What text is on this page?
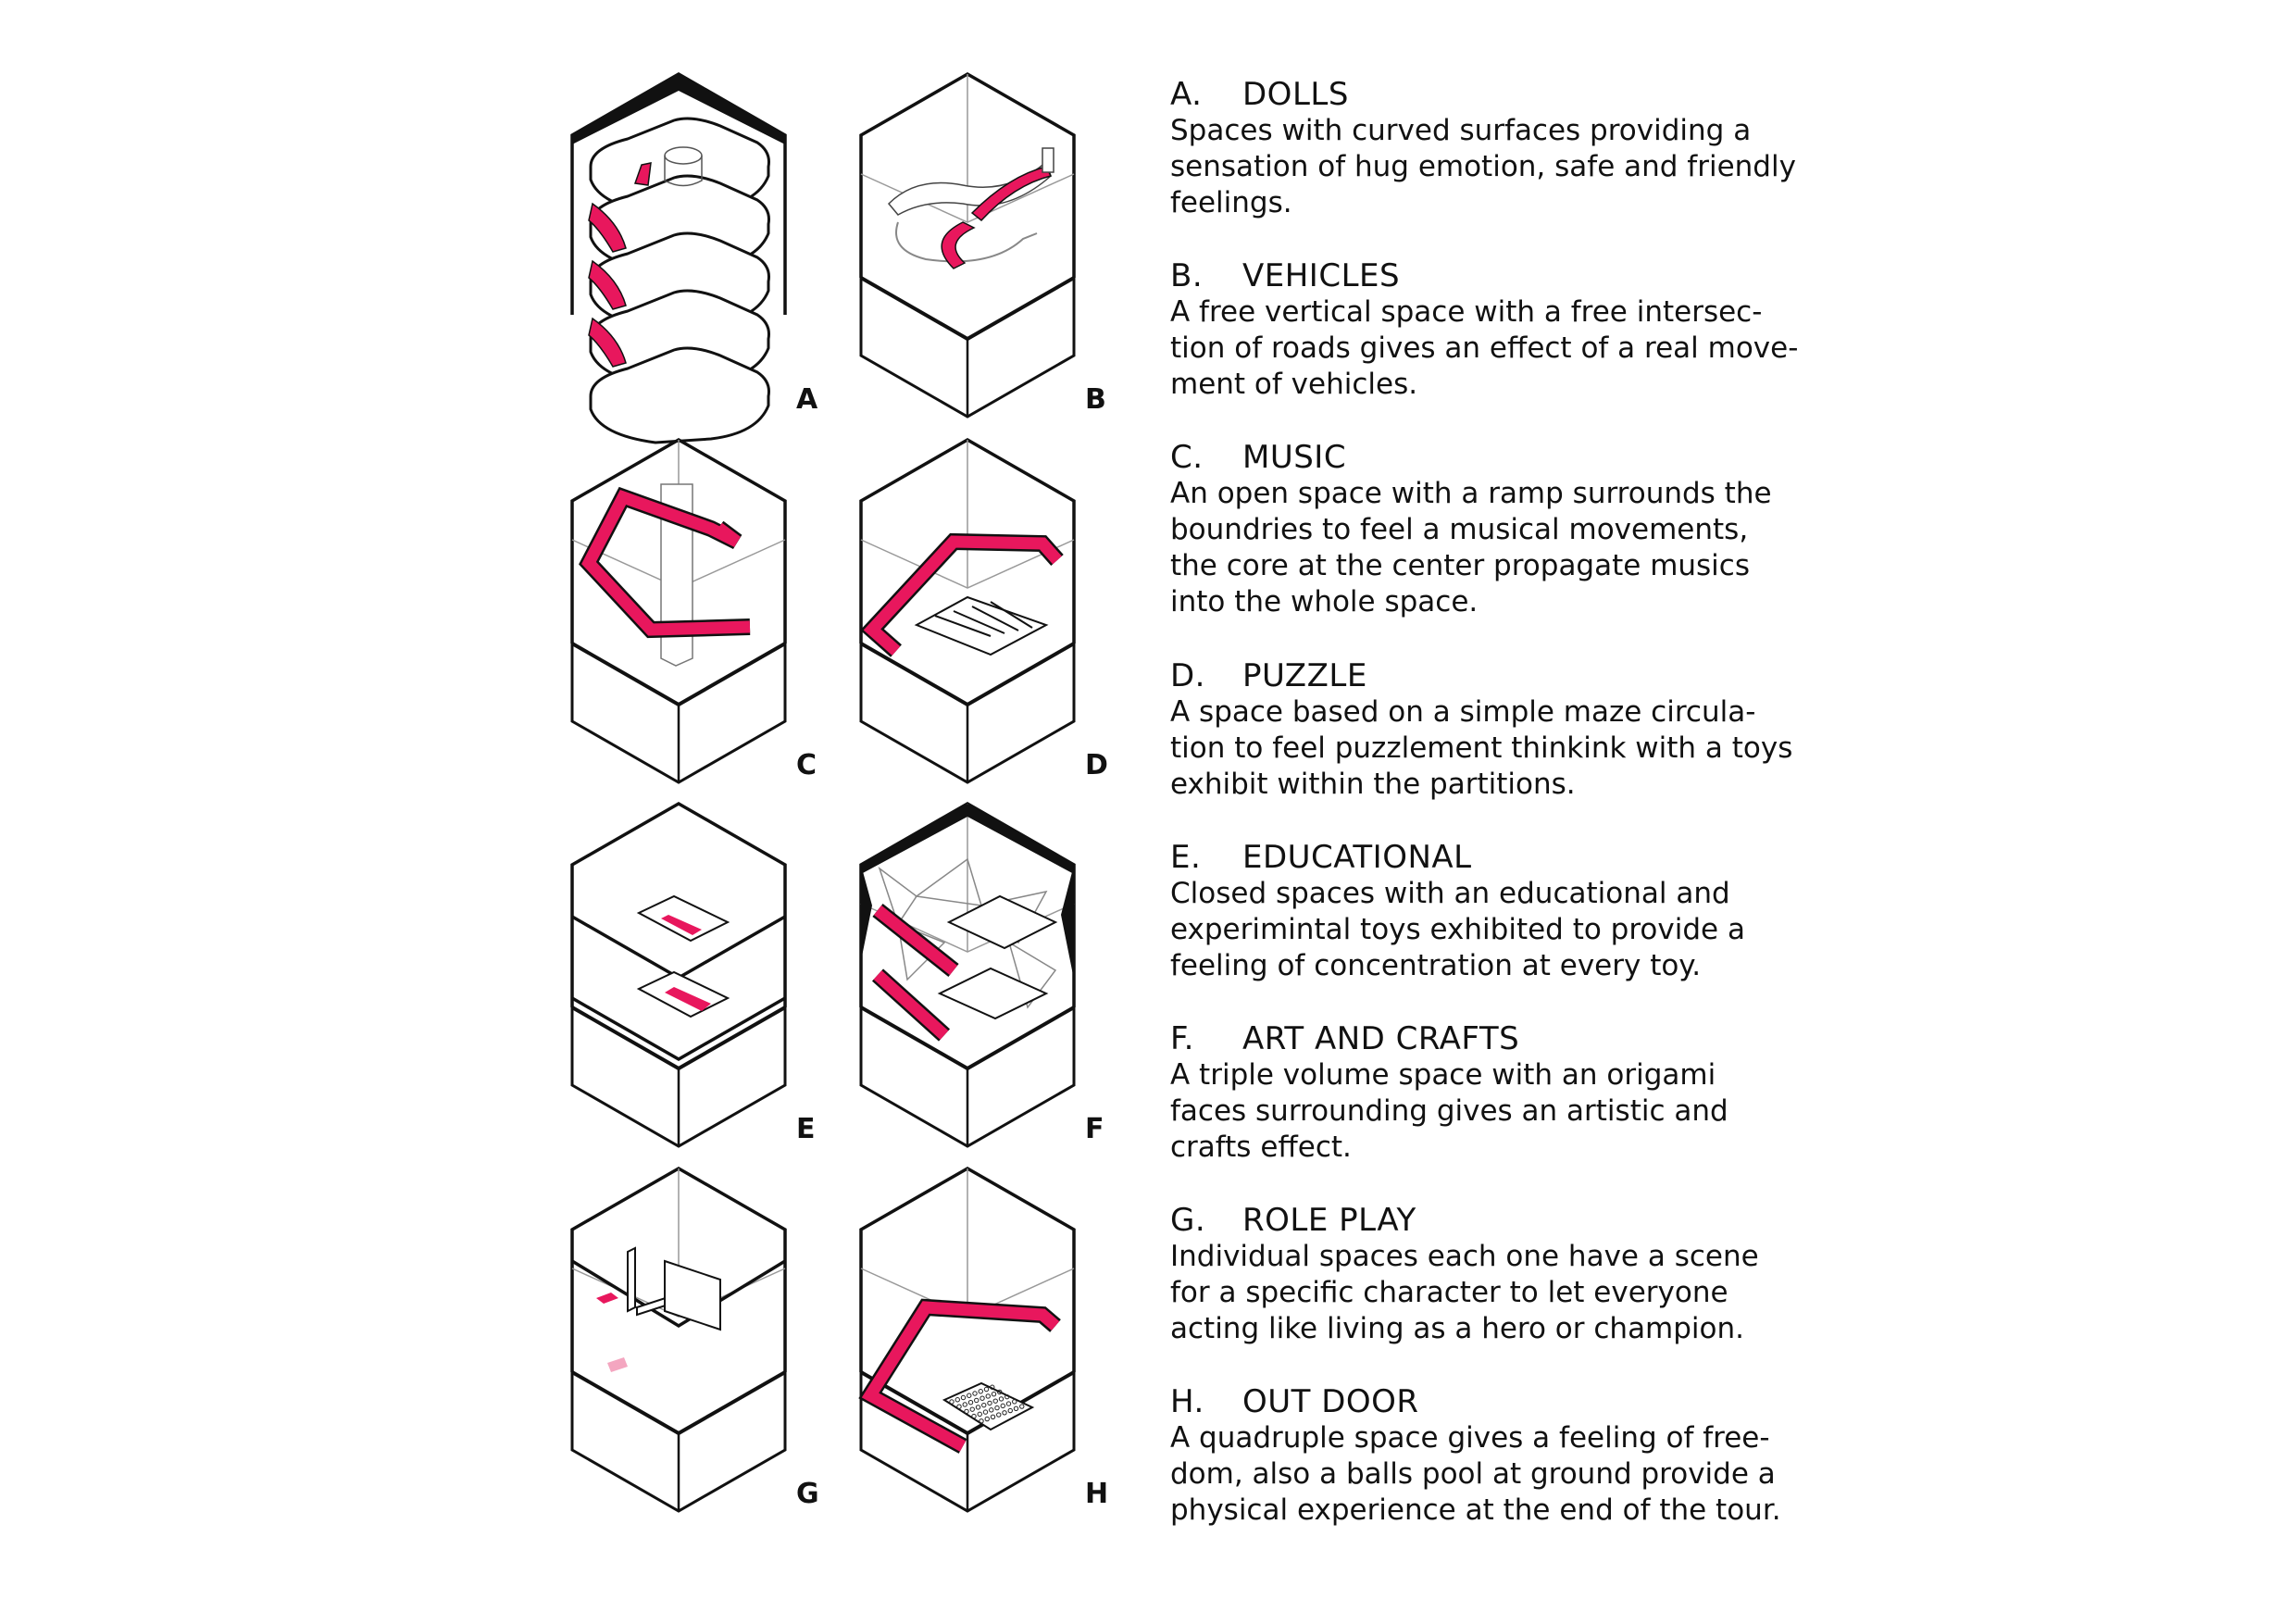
A	B
C	D
E	F
G	H
A. DOLLS
Spaces with curved surfaces providing a
sensation of hug emotion, safe and friendly
feelings.
B. VEHICLES
A free vertical space with a free intersec-
tion of roads gives an effect of a real move-
ment of vehicles.
C. MUSIC
An open space with a ramp surrounds the
boundries to feel a musical movements,
the core at the center propagate musics
into the whole space.
D. PUZZLE
A space based on a simple maze circula-
tion to feel puzzlement thinkink with a toys
exhibit within the partitions.
E. EDUCATIONAL
Closed spaces with an educational and
experimintal toys exhibited to provide a
feeling of concentration at every toy.
F. ART AND CRAFTS
A triple volume space with an origami
faces surrounding gives an artistic and
crafts effect.
G. ROLE PLAY
Individual spaces each one have a scene
for a specific character to let everyone
acting like living as a hero or champion.
H. OUT DOOR
A quadruple space gives a feeling of free-
dom, also a balls pool at ground provide a
physical experience at the end of the tour.
